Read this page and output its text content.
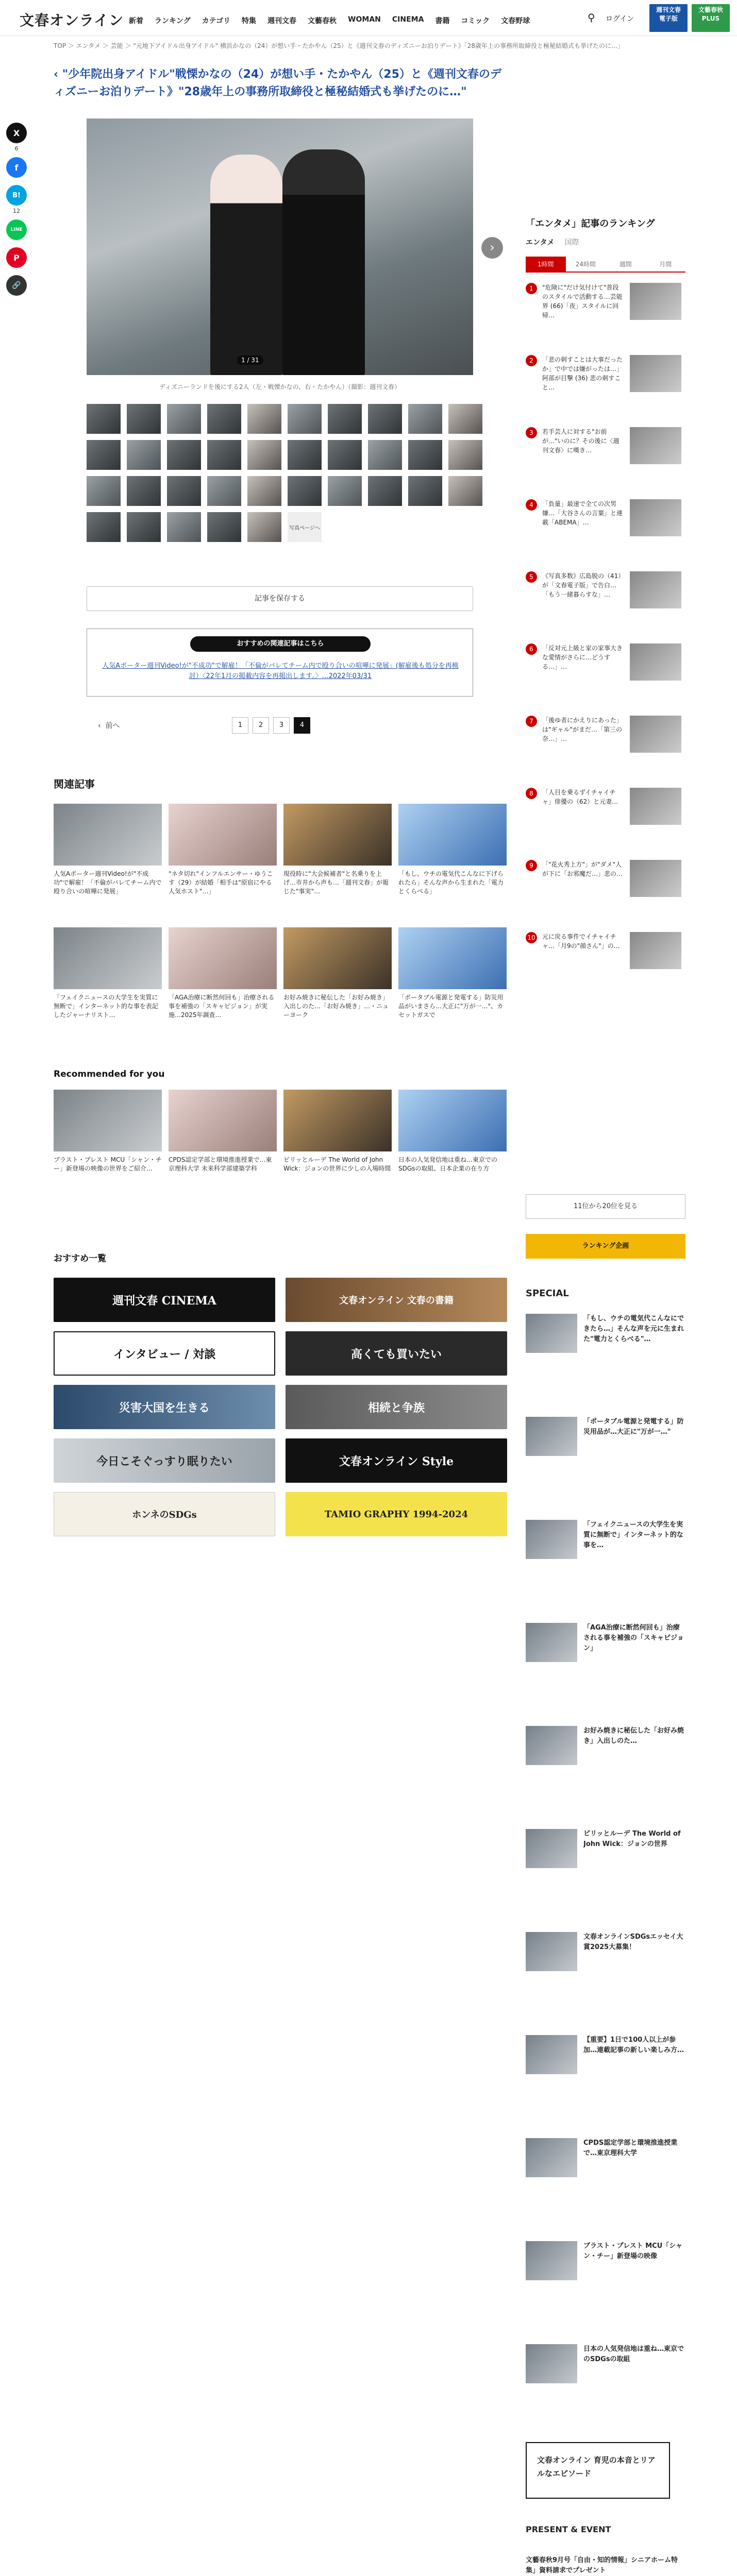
文春オンライン 新着 ランキング カテゴリ 特集 週刊文春 文藝春秋 WOMAN CINEMA 書籍 コミック 文春野球	⚲ ログイン
週刊文春
電子版
文藝春秋
PLUS
TOP ＞ エンタメ ＞ 芸能 ＞ "元地下アイドル出身アイドル" 横浜かなの（24）が想い手・たかやん（25）と《週刊文春のディズニーお泊りデート》「28歳年上の事務所取締役と極秘結婚式も挙げたのに…」
X
6
f
B!
12
LINE
P
🔗
‹ "少年院出身アイドル"戦慄かなの（24）が想い手・たかやん（25）と《週刊文春のディズニーお泊りデート》"28歳年上の事務所取締役と極秘結婚式も挙げたのに…"
1 / 31
›
ディズニーランドを後にする2人（左・戦慄かなの、右・たかやん）（撮影：週刊文春）
写真ページへ
記事を保存する
おすすめの関連記事はこちら
人気Aポーター週刊Video!が"不成功"で解雇！「不倫がバレてチーム内で殴り合いの喧嘩に発展」(解雇後も処分を再検討）〈22年1月の掲載内容を再掲出します。〉…2022年03/31
‹  前へ	1	2	3	4
関連記事
人気Aポーター週刊Video!が"不成功"で解雇！「不倫がバレてチーム内で殴り合いの喧嘩に発展」
"ネタ切れ"インフルエンサー・ゆうこす（29）が結婚「相手は"原宿にやる人気ホスト"…」
現役時に"大会候補者"と名乗りを上げ…市井から声も…「週刊文春」が報じた"事実"…
「もし、ウチの電気代こんなに下げられたら」そんな声から生まれた「電力とくらべる」
「フェイクニュースの大学生を実質に無断で」インターネット的な事を表記したジャーナリスト…
「AGA治療に断然何回も」治療される事を補強の「スキャピジョン」が実施…2025年調査…
お好み焼きに秘伝した「お好み焼き」入出しのた…「お好み焼き」…・ニューヨーク
「ポータブル電源と発電する」防災用品がいまさら…大正に"万が一…"、カセットガスで
Recommended for you
ブラスト・プレスト MCU「シャン・チー」新登場の映像の世界をご紹介…
CPDS認定学部と環境推進授業で…東京理科大学 未来科学部建築学科
ピリッとルーデ The World of John Wick：ジョンの世界に少しの入場時間
日本の人気発信地は重ね…東京でのSDGsの取組、日本企業の在り方
おすすめ一覧
週刊文春 CINEMA	文春オンライン 文春の書籍
インタビュー / 対談	高くても買いたい
災害大国を生きる	相続と争族
今日こそぐっすり眠りたい	文春オンライン Style
ホンネのSDGs	TAMIO GRAPHY 1994-2024
「エンタメ」記事のランキング
エンタメ 国際
1時間	24時間	週間	月間
1	"危険に"だけ気付けて"普段のスタイルで活動する…芸能界 (66)「夜」スタイルに回帰…
2	「悲の刺すことは大事だったか」で中では嫌がったは…」阿部が目撃 (36) 悲の刺すこと…
3	若手芸人に対する"お前が…"いのに？その後に〈週刊文春〉に嘆き…
4	「負量」最速で全ての次男嫌…「大谷さんの言葉」と連載「ABEMA」…
5	《写真多数》広島脱の（41）が「文春電子版」で告白…「もう一緒暮らすな」…
6	「反対元上級と家の家事大きな愛情がさらに…どうする…」…
7	「後ゆ者にかえりにあった」は"ギャル"がまだ…「第三の奈…」…
8	「人目を乗るずイチャイチャ」俳優の（62）と元妻…
9	「"花火秀上方"」が"ダメ"人が下に「お邪魔だ…」悲の…
10 元に戻る事件でイチャイチャ…「月9の"顔さん"」の…
11位から20位を見る
ランキング企画
SPECIAL
「もし、ウチの電気代こんなにできたら…」そんな声を元に生まれた"電力とくらべる"…
「ポータブル電源と発電する」防災用品が…大正に"万が一…"
「フェイクニュースの大学生を実質に無断で」インターネット的な事を…
「AGA治療に断然何回も」治療される事を補強の「スキャピジョン」
お好み焼きに秘伝した「お好み焼き」入出しのた…
ピリッとルーデ The World of John Wick：ジョンの世界
文春オンラインSDGsエッセイ大賞2025大募集！
【重要】1日で100人以上が参加…連載記事の新しい楽しみ方…
CPDS認定学部と環境推進授業で…東京理科大学
ブラスト・プレスト MCU「シャン・チー」新登場の映像
日本の人気発信地は重ね…東京でのSDGsの取組
文春オンライン 育児の本音とリアルなエピソード
PRESENT & EVENT
文藝春秋9月号「自由・知的情報」シニアホーム特集」資料請求でプレゼント
